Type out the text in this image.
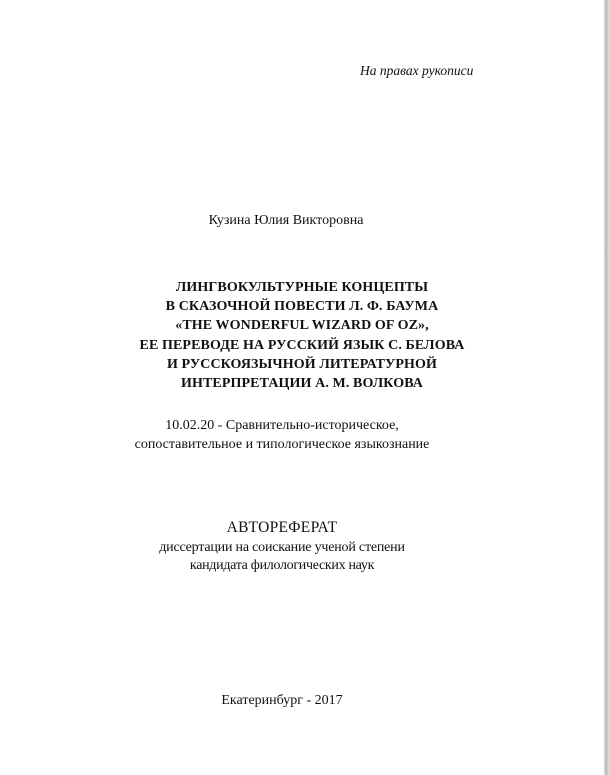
На правах рукописи
Кузина Юлия Викторовна
ЛИНГВОКУЛЬТУРНЫЕ КОНЦЕПТЫ
В СКАЗОЧНОЙ ПОВЕСТИ Л. Ф. БАУМА
«THE WONDERFUL WIZARD OF OZ»,
ЕЕ ПЕРЕВОДЕ НА РУССКИЙ ЯЗЫК С. БЕЛОВА
И РУССКОЯЗЫЧНОЙ ЛИТЕРАТУРНОЙ
ИНТЕРПРЕТАЦИИ А. М. ВОЛКОВА
10.02.20 - Сравнительно-историческое,
сопоставительное и типологическое языкознание
АВТОРЕФЕРАТ
диссертации на соискание ученой степени
кандидата филологических наук
Екатеринбург - 2017
